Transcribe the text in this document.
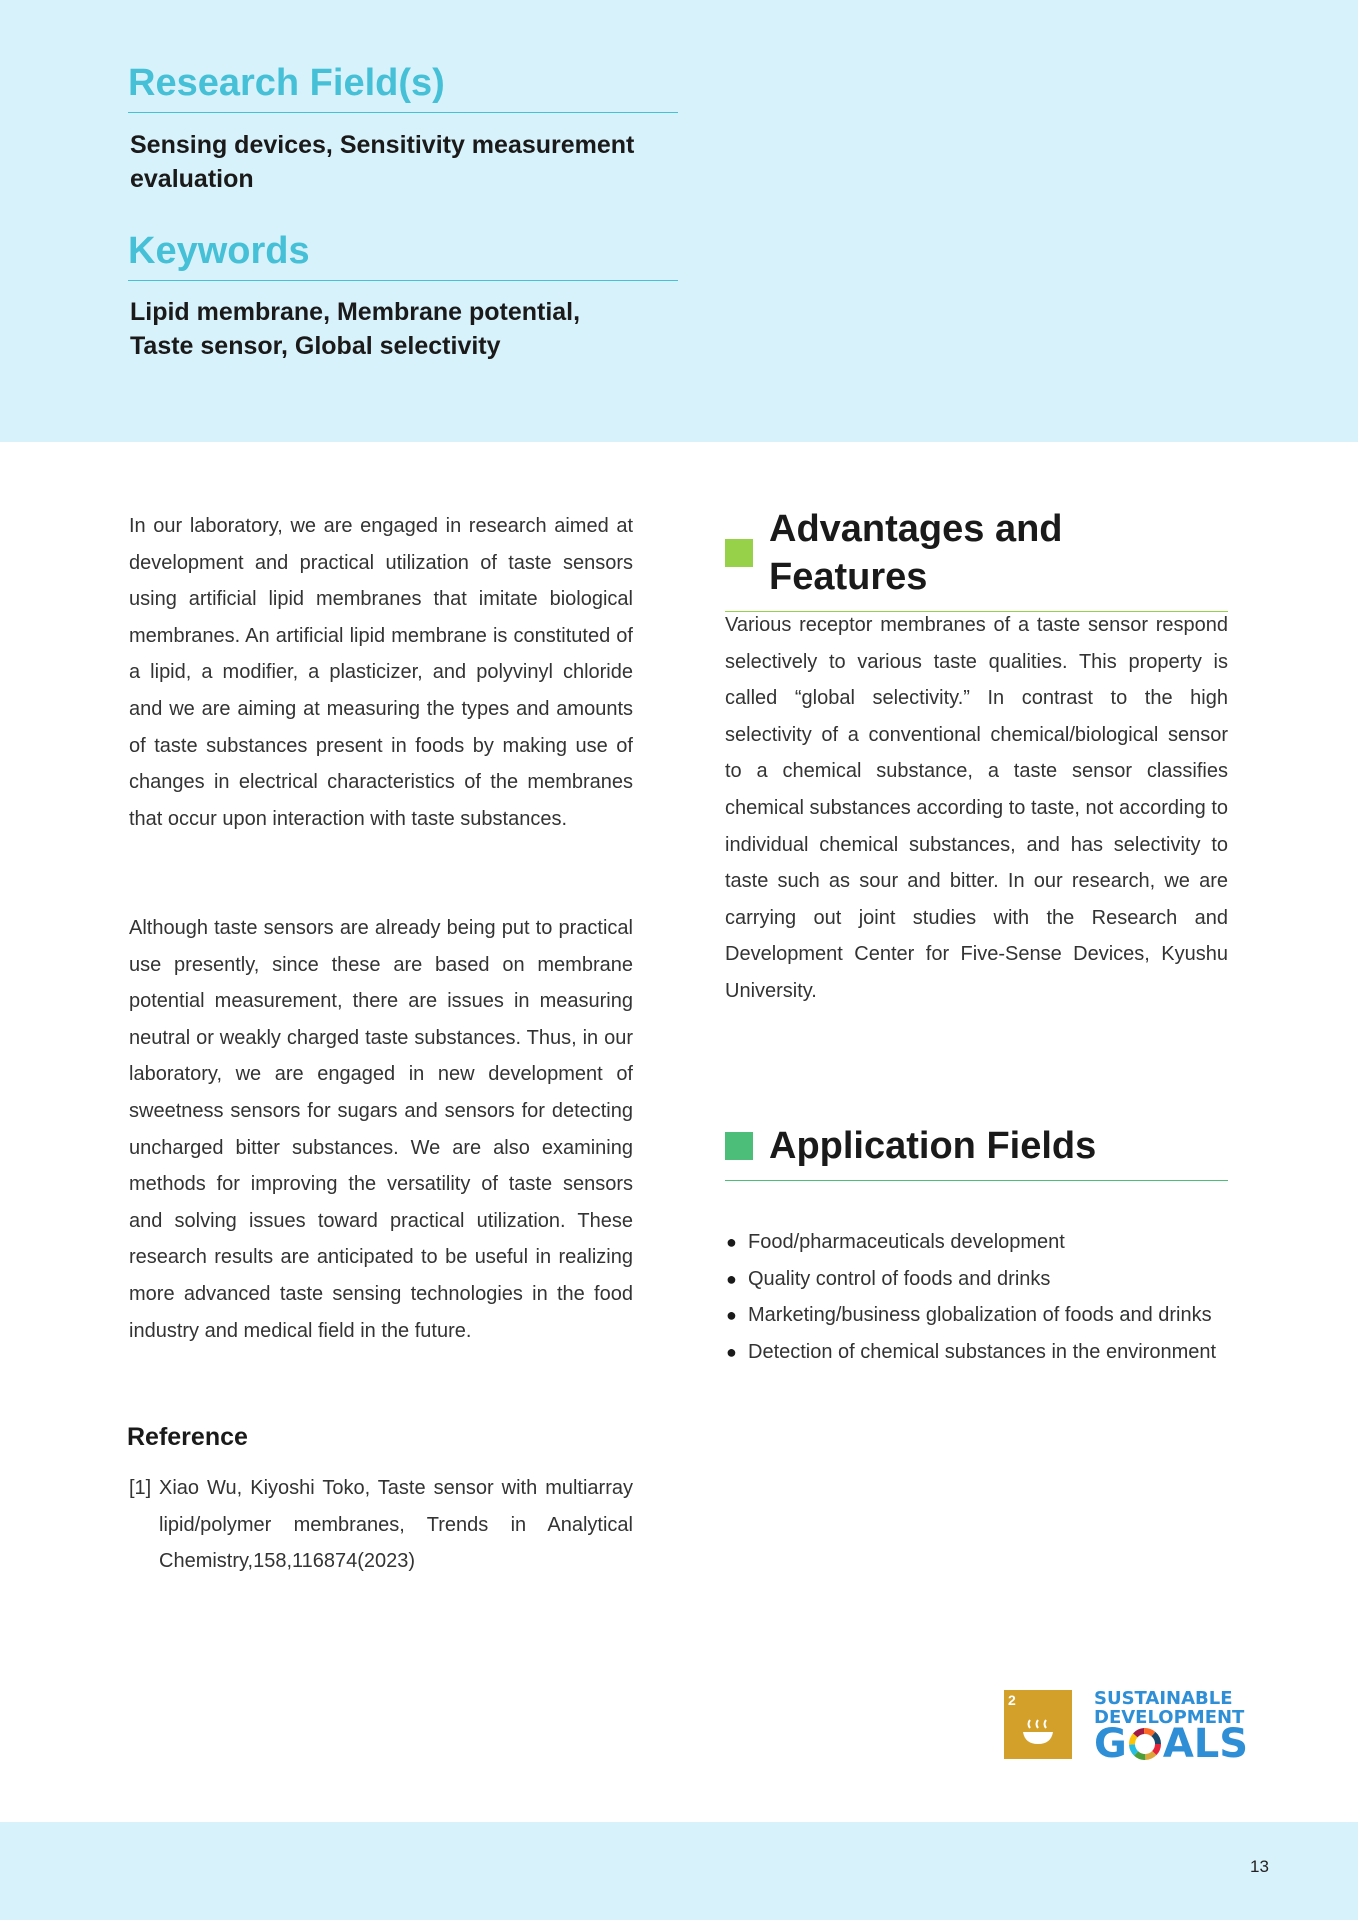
Research Field(s)

Sensing devices, Sensitivity measurement
evaluation

Keywords

Lipid membrane, Membrane potential,
Taste sensor, Global selectivity

In our laboratory, we are engaged in research aimed at development and practical utilization of taste sensors using artificial lipid membranes that imitate biological membranes. An artificial lipid membrane is constituted of a lipid, a modifier, a plasticizer, and polyvinyl chloride and we are aiming at measuring the types and amounts of taste substances present in foods by making use of changes in electrical characteristics of the membranes that occur upon interaction with taste substances.

Although taste sensors are already being put to practical use presently, since these are based on membrane potential measurement, there are issues in measuring neutral or weakly charged taste substances. Thus, in our laboratory, we are engaged in new development of sweetness sensors for sugars and sensors for detecting uncharged bitter substances. We are also examining methods for improving the versatility of taste sensors and solving issues toward practical utilization. These research results are anticipated to be useful in realizing more advanced taste sensing technologies in the food industry and medical field in the future.

Reference
[1] Xiao Wu, Kiyoshi Toko, Taste sensor with multiarray lipid/polymer membranes, Trends in Analytical Chemistry,158,116874(2023)
Advantages and Features

Various receptor membranes of a taste sensor respond selectively to various taste qualities. This property is called “global selectivity.” In contrast to the high selectivity of a conventional chemical/biological sensor to a chemical substance, a taste sensor classifies chemical substances according to taste, not according to individual chemical substances, and has selectivity to taste such as sour and bitter. In our research, we are carrying out joint studies with the Research and Development Center for Five-Sense Devices, Kyushu University.

Application Fields
● Food/pharmaceuticals development
● Quality control of foods and drinks
● Marketing/business globalization of foods and drinks
● Detection of chemical substances in the environment
2	SUSTAINABLE
DEVELOPMENT
G ALS
13
